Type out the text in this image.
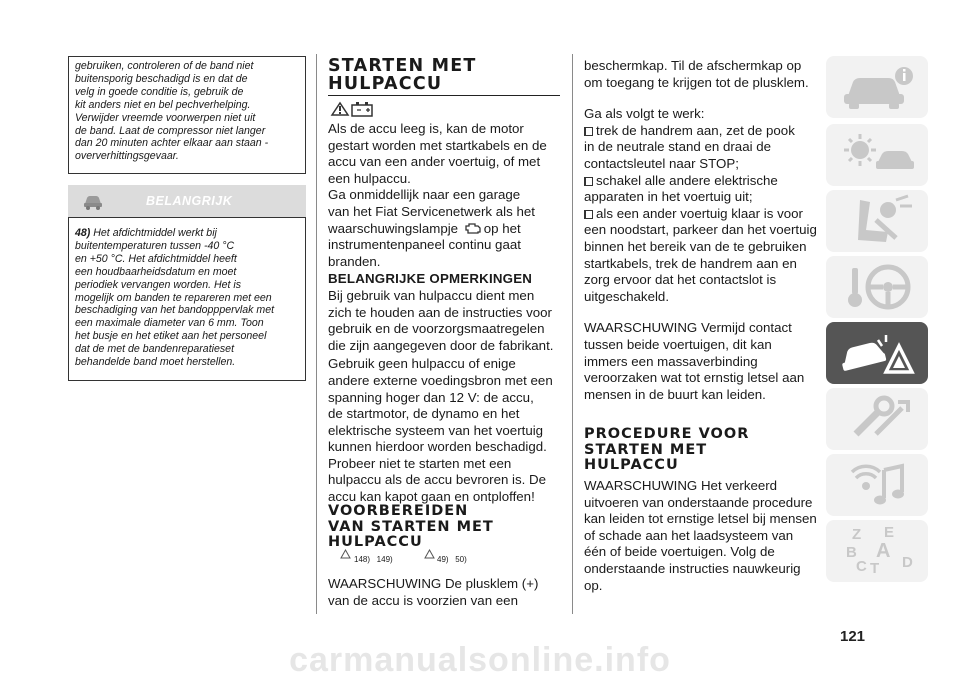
gebruiken, controleren of de band niet

buitensporig beschadigd is en dat de

velg in goede conditie is, gebruik de

kit anders niet en bel pechverhelping.

Verwijder vreemde voorwerpen niet uit

de band. Laat de compressor niet langer

dan 20 minuten achter elkaar aan staan -

oververhittingsgevaar.

BELANGRIJK

48) Het afdichtmiddel werkt bij

buitentemperaturen tussen -40 °C

en +50 °C. Het afdichtmiddel heeft

een houdbaarheidsdatum en moet

periodiek vervangen worden. Het is

mogelijk om banden te repareren met een

beschadiging van het bandopppervlak met

een maximale diameter van 6 mm. Toon

het busje en het etiket aan het personeel

dat de met de bandenreparatieset

behandelde band moet herstellen.

STARTEN MET
HULPACCU

Als de accu leeg is, kan de motor

gestart worden met startkabels en de

accu van een ander voertuig, of met

een hulpaccu.

Ga onmiddellijk naar een garage

van het Fiat Servicenetwerk als het

waarschuwingslampje op het

instrumentenpaneel continu gaat

branden.

BELANGRIJKE OPMERKINGEN

Bij gebruik van hulpaccu dient men

zich te houden aan de instructies voor

gebruik en de voorzorgsmaatregelen

die zijn aangegeven door de fabrikant.

Gebruik geen hulpaccu of enige

andere externe voedingsbron met een

spanning hoger dan 12 V: de accu,

de startmotor, de dynamo en het

elektrische systeem van het voertuig

kunnen hierdoor worden beschadigd.

Probeer niet te starten met een

hulpaccu als de accu bevroren is. De

accu kan kapot gaan en ontploffen!

VOORBEREIDEN
VAN STARTEN MET
HULPACCU
148)   149)	49)   50)

WAARSCHUWING De plusklem (+)

van de accu is voorzien van een

beschermkap. Til de afschermkap op

om toegang te krijgen tot de plusklem.

Ga als volgt te werk:

trek de handrem aan, zet de pook

in de neutrale stand en draai de

contactsleutel naar STOP;

schakel alle andere elektrische

apparaten in het voertuig uit;

als een ander voertuig klaar is voor

een noodstart, parkeer dan het voertuig

binnen het bereik van de te gebruiken

startkabels, trek de handrem aan en

zorg ervoor dat het contactslot is

uitgeschakeld.

WAARSCHUWING Vermijd contact

tussen beide voertuigen, dit kan

immers een massaverbinding

veroorzaken wat tot ernstig letsel aan

mensen in de buurt kan leiden.

PROCEDURE VOOR
STARTEN MET
HULPACCU

WAARSCHUWING Het verkeerd

uitvoeren van onderstaande procedure

kan leiden tot ernstige letsel bij mensen

of schade aan het laadsysteem van

één of beide voertuigen. Volg de

onderstaande instructies nauwkeurig

op.

Z E
A
B
C D
T
121
carmanualsonline.info
